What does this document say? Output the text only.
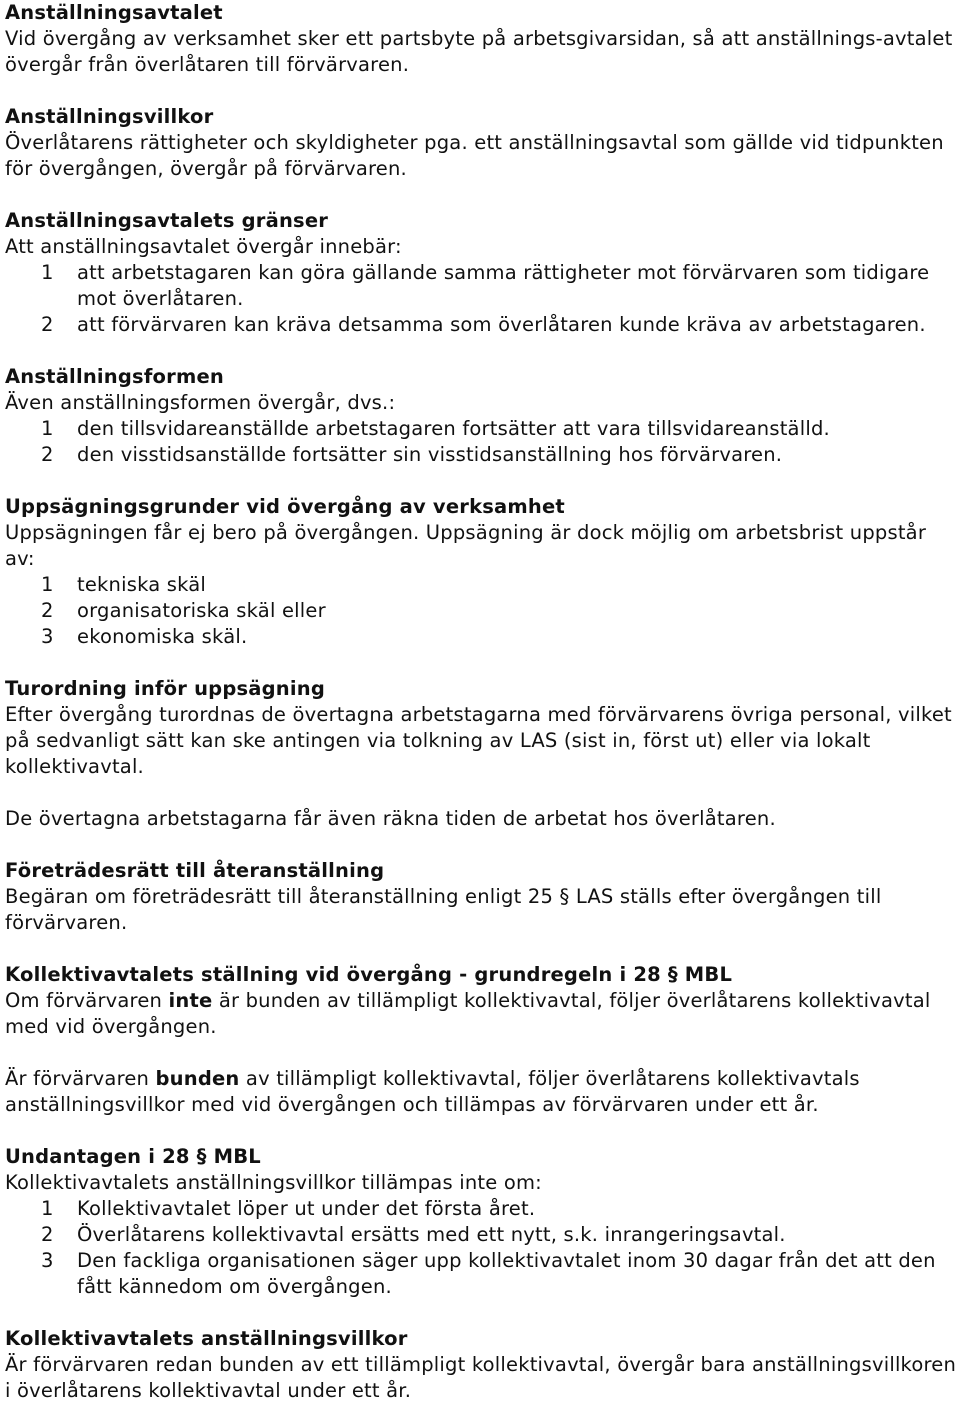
Anställningsavtalet
Vid övergång av verksamhet sker ett partsbyte på arbetsgivarsidan, så att anställnings-avtalet övergår från överlåtaren till förvärvaren.
Anställningsvillkor
Överlåtarens rättigheter och skyldigheter pga. ett anställningsavtal som gällde vid tidpunkten för övergången, övergår på förvärvaren.
Anställningsavtalets gränser
Att anställningsavtalet övergår innebär:
1	att arbetstagaren kan göra gällande samma rättigheter mot förvärvaren som tidigare mot överlåtaren.
2	att förvärvaren kan kräva detsamma som överlåtaren kunde kräva av arbetstagaren.
Anställningsformen
Även anställningsformen övergår, dvs.:
1	den tillsvidareanställde arbetstagaren fortsätter att vara tillsvidareanställd.
2	den visstidsanställde fortsätter sin visstidsanställning hos förvärvaren.
Uppsägningsgrunder vid övergång av verksamhet
Uppsägningen får ej bero på övergången. Uppsägning är dock möjlig om arbetsbrist uppstår av:
1	tekniska skäl
2	organisatoriska skäl eller
3	ekonomiska skäl.
Turordning inför uppsägning
Efter övergång turordnas de övertagna arbetstagarna med förvärvarens övriga personal, vilket på sedvanligt sätt kan ske antingen via tolkning av LAS (sist in, först ut) eller via lokalt kollektivavtal.
De övertagna arbetstagarna får även räkna tiden de arbetat hos överlåtaren.
Företrädesrätt till återanställning
Begäran om företrädesrätt till återanställning enligt 25 § LAS ställs efter övergången till förvärvaren.
Kollektivavtalets ställning vid övergång - grundregeln i 28 § MBL
Om förvärvaren inte är bunden av tillämpligt kollektivavtal, följer överlåtarens kollektivavtal med vid övergången.
Är förvärvaren bunden av tillämpligt kollektivavtal, följer överlåtarens kollektivavtals anställningsvillkor med vid övergången och tillämpas av förvärvaren under ett år.
Undantagen i 28 § MBL
Kollektivavtalets anställningsvillkor tillämpas inte om:
1	Kollektivavtalet löper ut under det första året.
2	Överlåtarens kollektivavtal ersätts med ett nytt, s.k. inrangeringsavtal.
3	Den fackliga organisationen säger upp kollektivavtalet inom 30 dagar från det att den fått kännedom om övergången.
Kollektivavtalets anställningsvillkor
Är förvärvaren redan bunden av ett tillämpligt kollektivavtal, övergår bara anställningsvillkoren i överlåtarens kollektivavtal under ett år.
